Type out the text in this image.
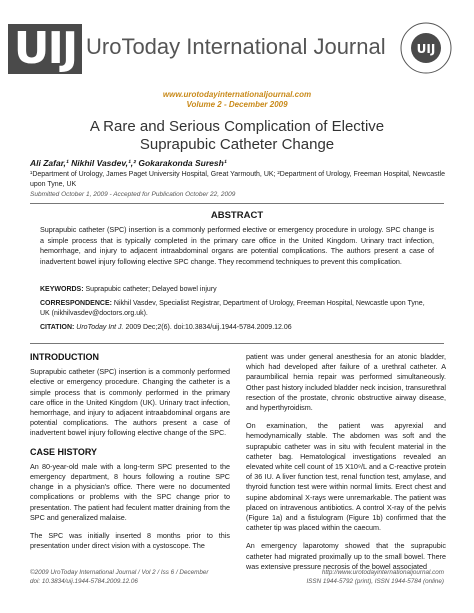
UIJ UroToday International Journal	UIJ
www.urotodayinternationaljournal.com
Volume 2 - December 2009
A Rare and Serious Complication of Elective
Suprapubic Catheter Change
Ali Zafar,¹ Nikhil Vasdev,¹,² Gokarakonda Suresh¹
¹Department of Urology, James Paget University Hospital, Great Yarmouth, UK; ²Department of Urology, Freeman Hospital, Newcastle upon Tyne, UK
Submitted October 1, 2009 - Accepted for Publication October 22, 2009
ABSTRACT
Suprapubic catheter (SPC) insertion is a commonly performed elective or emergency procedure in urology. SPC change is a simple process that is typically completed in the primary care office in the United Kingdom. Urinary tract infection, hemorrhage, and injury to adjacent intraabdominal organs are potential complications. The authors present a case of inadvertent bowel injury following elective SPC change. They recommend techniques to prevent this complication.
KEYWORDS: Suprapubic catheter; Delayed bowel injury
CORRESPONDENCE: Nikhil Vasdev, Specialist Registrar, Department of Urology, Freeman Hospital, Newcastle upon Tyne, UK (nikhilvasdev@doctors.org.uk).
CITATION: UroToday Int J. 2009 Dec;2(6). doi:10.3834/uij.1944-5784.2009.12.06
INTRODUCTION

Suprapubic catheter (SPC) insertion is a commonly performed elective or emergency procedure. Changing the catheter is a simple process that is commonly performed in the primary care office in the United Kingdom (UK). Urinary tract infection, hemorrhage, and injury to adjacent intraabdominal organs are potential complications. The authors present a case of inadvertent bowel injury following elective change of the SPC.

CASE HISTORY

An 80-year-old male with a long-term SPC presented to the emergency department, 8 hours following a routine SPC change in a physician's office. There were no documented complications or problems with the SPC change prior to presentation. The patient had feculent matter draining from the SPC and generalized malaise.

The SPC was initially inserted 8 months prior to this presentation under direct vision with a cystoscope. The

patient was under general anesthesia for an atonic bladder, which had developed after failure of a urethral catheter. A paraumbilical hernia repair was performed simultaneously. Other past history included bladder neck incision, transurethral resection of the prostate, chronic obstructive airway disease, and hyperthyroidism.

On examination, the patient was apyrexial and hemodynamically stable. The abdomen was soft and the suprapubic catheter was in situ with feculent material in the catheter bag. Hematological investigations revealed an elevated white cell count of 15 X10⁹/L and a C-reactive protein of 36 IU. A liver function test, renal function test, amylase, and thyroid function test were within normal limits. Erect chest and supine abdominal X-rays were unremarkable. The patient was placed on intravenous antibiotics. A control X-ray of the pelvis (Figure 1a) and a fistulogram (Figure 1b) confirmed that the catheter tip was placed within the caecum.

An emergency laparotomy showed that the suprapubic catheter had migrated proximally up to the small bowel. There was extensive pressure necrosis of the bowel associated

©2009 UroToday International Journal / Vol 2 / Iss 6 / December
doi: 10.3834/uij.1944-5784.2009.12.06
http://www.urotodayinternationaljournal.com
ISSN 1944-5792 (print), ISSN 1944-5784 (online)
